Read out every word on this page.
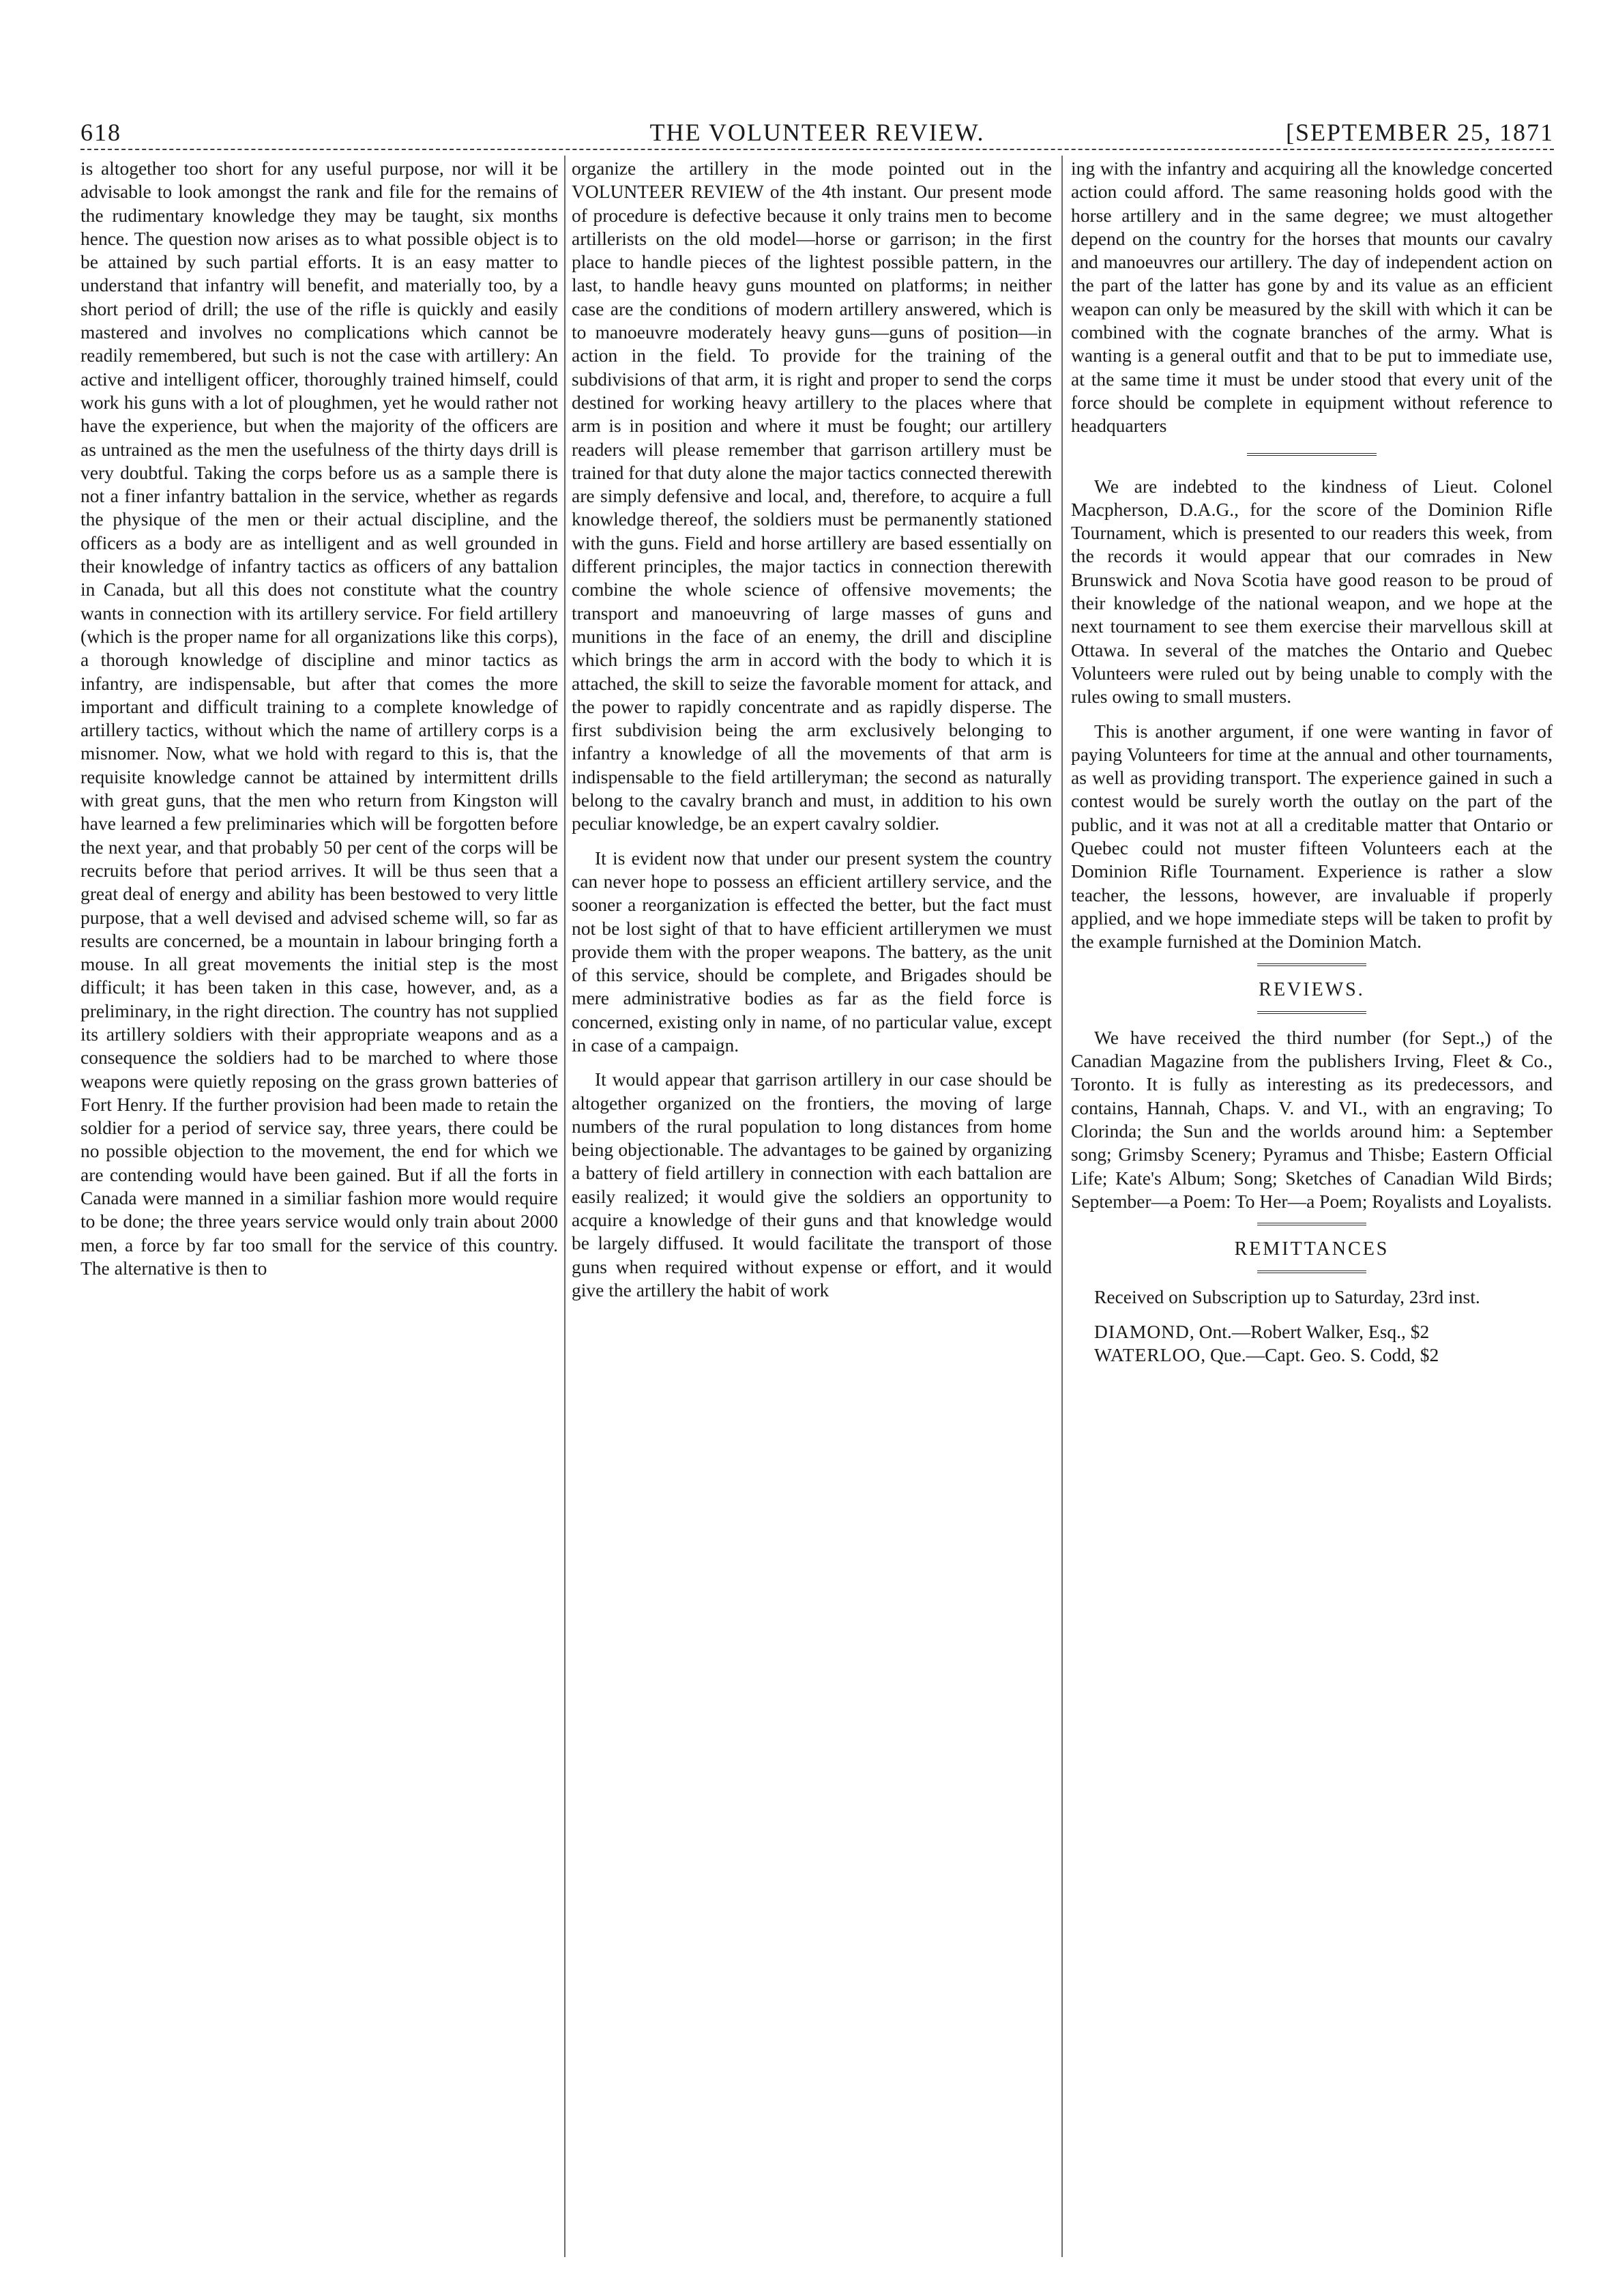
618	THE VOLUNTEER REVIEW.	[SEPTEMBER 25, 1871

is altogether too short for any useful purpose, nor will it be advisable to look amongst the rank and file for the remains of the rudimentary knowledge they may be taught, six months hence. The question now arises as to what possible object is to be attained by such partial efforts. It is an easy matter to understand that infantry will benefit, and materially too, by a short period of drill; the use of the rifle is quickly and easily mastered and involves no complications which cannot be readily remembered, but such is not the case with artillery: An active and intelligent officer, thoroughly trained himself, could work his guns with a lot of ploughmen, yet he would rather not have the experience, but when the majority of the officers are as untrained as the men the usefulness of the thirty days drill is very doubtful. Taking the corps before us as a sample there is not a finer infantry battalion in the service, whether as regards the physique of the men or their actual discipline, and the officers as a body are as intelligent and as well grounded in their knowledge of infantry tactics as officers of any battalion in Canada, but all this does not constitute what the country wants in connection with its artillery service. For field artillery (which is the proper name for all organizations like this corps), a thorough knowledge of discipline and minor tactics as infantry, are indispensable, but after that comes the more important and difficult training to a complete knowledge of artillery tactics, without which the name of artillery corps is a misnomer. Now, what we hold with regard to this is, that the requisite knowledge cannot be attained by intermittent drills with great guns, that the men who return from Kingston will have learned a few preliminaries which will be forgotten before the next year, and that probably 50 per cent of the corps will be recruits before that period arrives. It will be thus seen that a great deal of energy and ability has been bestowed to very little purpose, that a well devised and advised scheme will, so far as results are concerned, be a mountain in labour bringing forth a mouse. In all great movements the initial step is the most difficult; it has been taken in this case, however, and, as a preliminary, in the right direction. The country has not supplied its artillery soldiers with their appropriate weapons and as a consequence the soldiers had to be marched to where those weapons were quietly reposing on the grass grown batteries of Fort Henry. If the further provision had been made to retain the soldier for a period of service say, three years, there could be no possible objection to the movement, the end for which we are contending would have been gained. But if all the forts in Canada were manned in a similiar fashion more would require to be done; the three years service would only train about 2000 men, a force by far too small for the service of this country. The alternative is then to

organize the artillery in the mode pointed out in the VOLUNTEER REVIEW of the 4th instant. Our present mode of procedure is defective because it only trains men to become artillerists on the old model—horse or garrison; in the first place to handle pieces of the lightest possible pattern, in the last, to handle heavy guns mounted on platforms; in neither case are the conditions of modern artillery answered, which is to manoeuvre moderately heavy guns—guns of position—in action in the field. To provide for the training of the subdivisions of that arm, it is right and proper to send the corps destined for working heavy artillery to the places where that arm is in position and where it must be fought; our artillery readers will please remember that garrison artillery must be trained for that duty alone the major tactics connected therewith are simply defensive and local, and, therefore, to acquire a full knowledge thereof, the soldiers must be permanently stationed with the guns. Field and horse artillery are based essentially on different principles, the major tactics in connection therewith combine the whole science of offensive movements; the transport and manoeuvring of large masses of guns and munitions in the face of an enemy, the drill and discipline which brings the arm in accord with the body to which it is attached, the skill to seize the favorable moment for attack, and the power to rapidly concentrate and as rapidly disperse. The first subdivision being the arm exclusively belonging to infantry a knowledge of all the movements of that arm is indispensable to the field artilleryman; the second as naturally belong to the cavalry branch and must, in addition to his own peculiar knowledge, be an expert cavalry soldier.

It is evident now that under our present system the country can never hope to possess an efficient artillery service, and the sooner a reorganization is effected the better, but the fact must not be lost sight of that to have efficient artillerymen we must provide them with the proper weapons. The battery, as the unit of this service, should be complete, and Brigades should be mere administrative bodies as far as the field force is concerned, existing only in name, of no particular value, except in case of a campaign.

It would appear that garrison artillery in our case should be altogether organized on the frontiers, the moving of large numbers of the rural population to long distances from home being objectionable. The advantages to be gained by organizing a battery of field artillery in connection with each battalion are easily realized; it would give the soldiers an opportunity to acquire a knowledge of their guns and that knowledge would be largely diffused. It would facilitate the transport of those guns when required without expense or effort, and it would give the artillery the habit of work

ing with the infantry and acquiring all the knowledge concerted action could afford. The same reasoning holds good with the horse artillery and in the same degree; we must altogether depend on the country for the horses that mounts our cavalry and manoeuvres our artillery. The day of independent action on the part of the latter has gone by and its value as an efficient weapon can only be measured by the skill with which it can be combined with the cognate branches of the army. What is wanting is a general outfit and that to be put to immediate use, at the same time it must be under stood that every unit of the force should be complete in equipment without reference to headquarters

We are indebted to the kindness of Lieut. Colonel Macpherson, D.A.G., for the score of the Dominion Rifle Tournament, which is presented to our readers this week, from the records it would appear that our comrades in New Brunswick and Nova Scotia have good reason to be proud of their knowledge of the national weapon, and we hope at the next tournament to see them exercise their marvellous skill at Ottawa. In several of the matches the Ontario and Quebec Volunteers were ruled out by being unable to comply with the rules owing to small musters.

This is another argument, if one were wanting in favor of paying Volunteers for time at the annual and other tournaments, as well as providing transport. The experience gained in such a contest would be surely worth the outlay on the part of the public, and it was not at all a creditable matter that Ontario or Quebec could not muster fifteen Volunteers each at the Dominion Rifle Tournament. Experience is rather a slow teacher, the lessons, however, are invaluable if properly applied, and we hope immediate steps will be taken to profit by the example furnished at the Dominion Match.

REVIEWS.

We have received the third number (for Sept.,) of the Canadian Magazine from the publishers Irving, Fleet & Co., Toronto. It is fully as interesting as its predecessors, and contains, Hannah, Chaps. V. and VI., with an engraving; To Clorinda; the Sun and the worlds around him: a September song; Grimsby Scenery; Pyramus and Thisbe; Eastern Official Life; Kate's Album; Song; Sketches of Canadian Wild Birds; September—a Poem: To Her—a Poem; Royalists and Loyalists.

REMITTANCES

Received on Subscription up to Saturday, 23rd inst.

DIAMOND, Ont.—Robert Walker, Esq., $2

WATERLOO, Que.—Capt. Geo. S. Codd, $2
